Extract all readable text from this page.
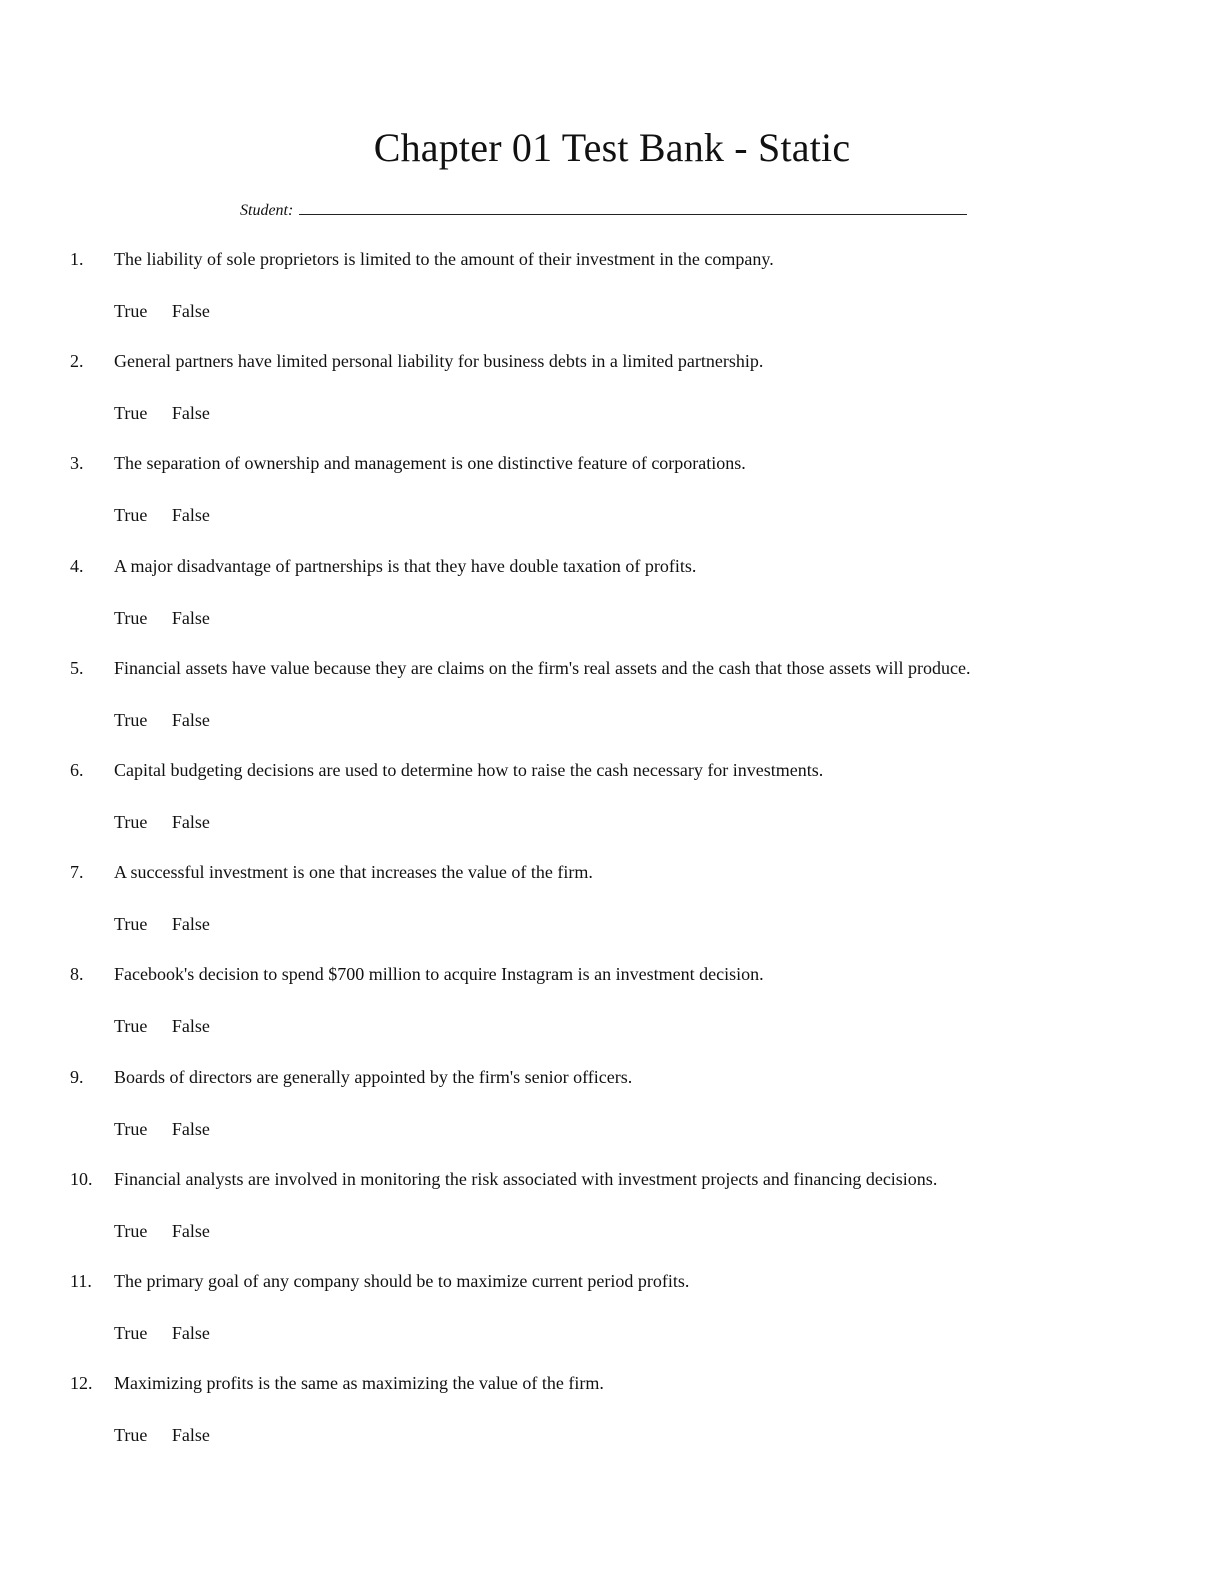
Chapter 01 Test Bank - Static
Student:
1.	The liability of sole proprietors is limited to the amount of their investment in the company.
True False
2.	General partners have limited personal liability for business debts in a limited partnership.
True False
3.	The separation of ownership and management is one distinctive feature of corporations.
True False
4.	A major disadvantage of partnerships is that they have double taxation of profits.
True False
5.	Financial assets have value because they are claims on the firm's real assets and the cash that those assets will produce.
True False
6.	Capital budgeting decisions are used to determine how to raise the cash necessary for investments.
True False
7.	A successful investment is one that increases the value of the firm.
True False
8.	Facebook's decision to spend $700 million to acquire Instagram is an investment decision.
True False
9.	Boards of directors are generally appointed by the firm's senior officers.
True False
10.	Financial analysts are involved in monitoring the risk associated with investment projects and financing decisions.
True False
11.	The primary goal of any company should be to maximize current period profits.
True False
12.	Maximizing profits is the same as maximizing the value of the firm.
True False
